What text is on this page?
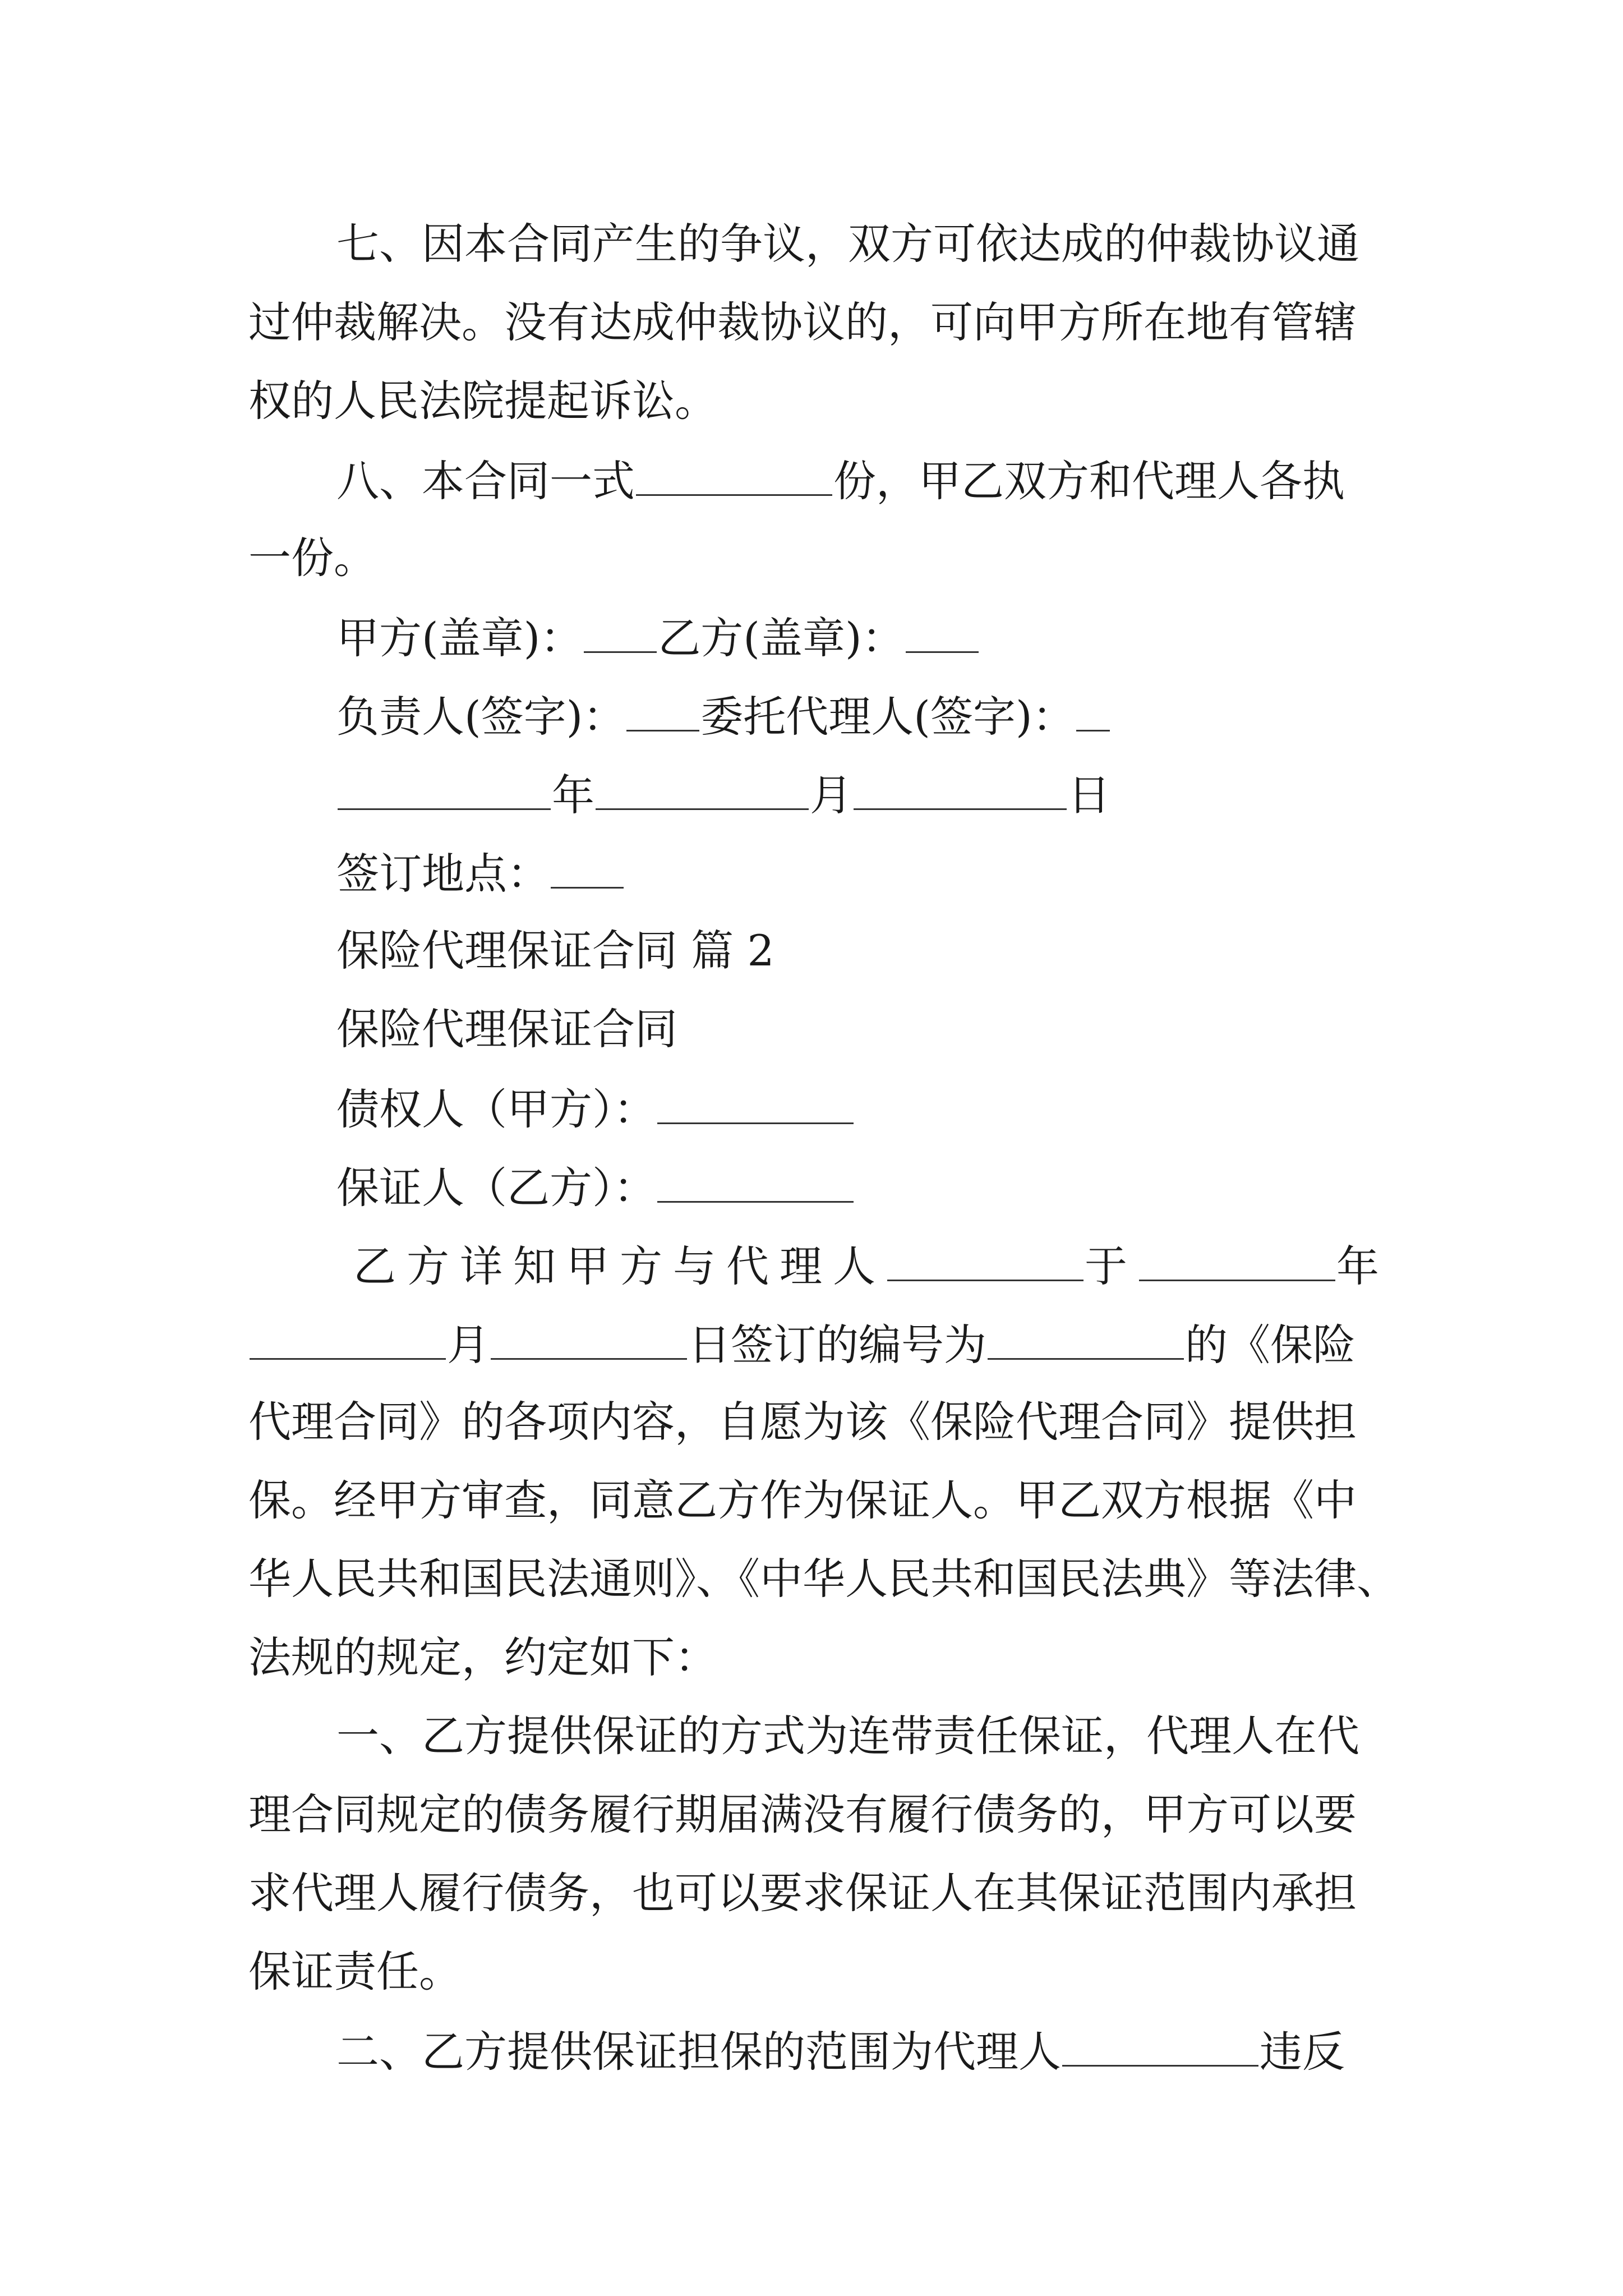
七、因本合同产生的争议，双方可依达成的仲裁协议通
过仲裁解决。没有达成仲裁协议的，可向甲方所在地有管辖
权的人民法院提起诉讼。
八、本合同一式	份，甲乙双方和代理人各执
一份。
甲方(盖章)： 乙方(盖章)：
负责人(签字)： 委托代理人(签字)：
年	月	日
签订地点：
保险代理保证合同 篇 2
保险代理保证合同
债权人（甲方）：
保证人（乙方）：
乙方详知甲方与代理人	于	年
月	日签订的编号为	的《保险
代理合同》的各项内容，自愿为该《保险代理合同》提供担
保。经甲方审查，同意乙方作为保证人。甲乙双方根据《中
华人民共和国民法通则》、《中华人民共和国民法典》等法律、
法规的规定，约定如下：
一、乙方提供保证的方式为连带责任保证，代理人在代
理合同规定的债务履行期届满没有履行债务的，甲方可以要
求代理人履行债务，也可以要求保证人在其保证范围内承担
保证责任。
二、乙方提供保证担保的范围为代理人	违反
